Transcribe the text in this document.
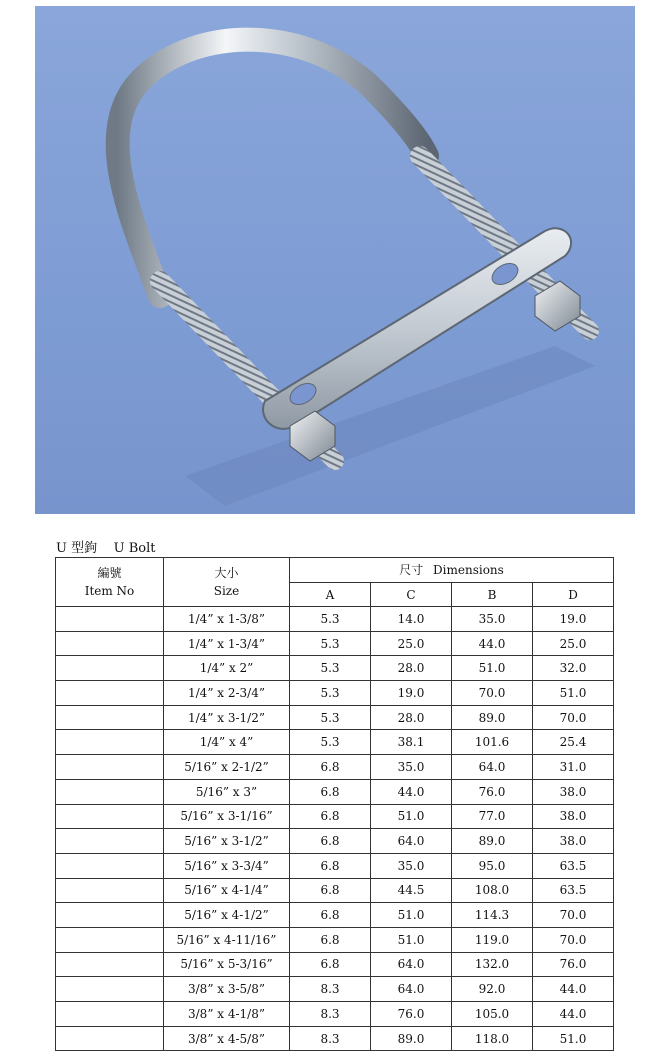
U 型鉤 U Bolt
編號
Item No	大小
Size	尺寸 Dimensions			
		A	C	B	D
	1/4” x 1-3/8”	5.3	14.0	35.0	19.0
	1/4” x 1-3/4”	5.3	25.0	44.0	25.0
	1/4” x 2”	5.3	28.0	51.0	32.0
	1/4” x 2-3/4”	5.3	19.0	70.0	51.0
	1/4” x 3-1/2”	5.3	28.0	89.0	70.0
	1/4” x 4”	5.3	38.1	101.6	25.4
	5/16” x 2-1/2”	6.8	35.0	64.0	31.0
	5/16” x 3”	6.8	44.0	76.0	38.0
	5/16” x 3-1/16”	6.8	51.0	77.0	38.0
	5/16” x 3-1/2”	6.8	64.0	89.0	38.0
	5/16” x 3-3/4”	6.8	35.0	95.0	63.5
	5/16” x 4-1/4”	6.8	44.5	108.0	63.5
	5/16” x 4-1/2”	6.8	51.0	114.3	70.0
	5/16” x 4-11/16”	6.8	51.0	119.0	70.0
	5/16” x 5-3/16”	6.8	64.0	132.0	76.0
	3/8” x 3-5/8”	8.3	64.0	92.0	44.0
	3/8” x 4-1/8”	8.3	76.0	105.0	44.0
	3/8” x 4-5/8”	8.3	89.0	118.0	51.0
